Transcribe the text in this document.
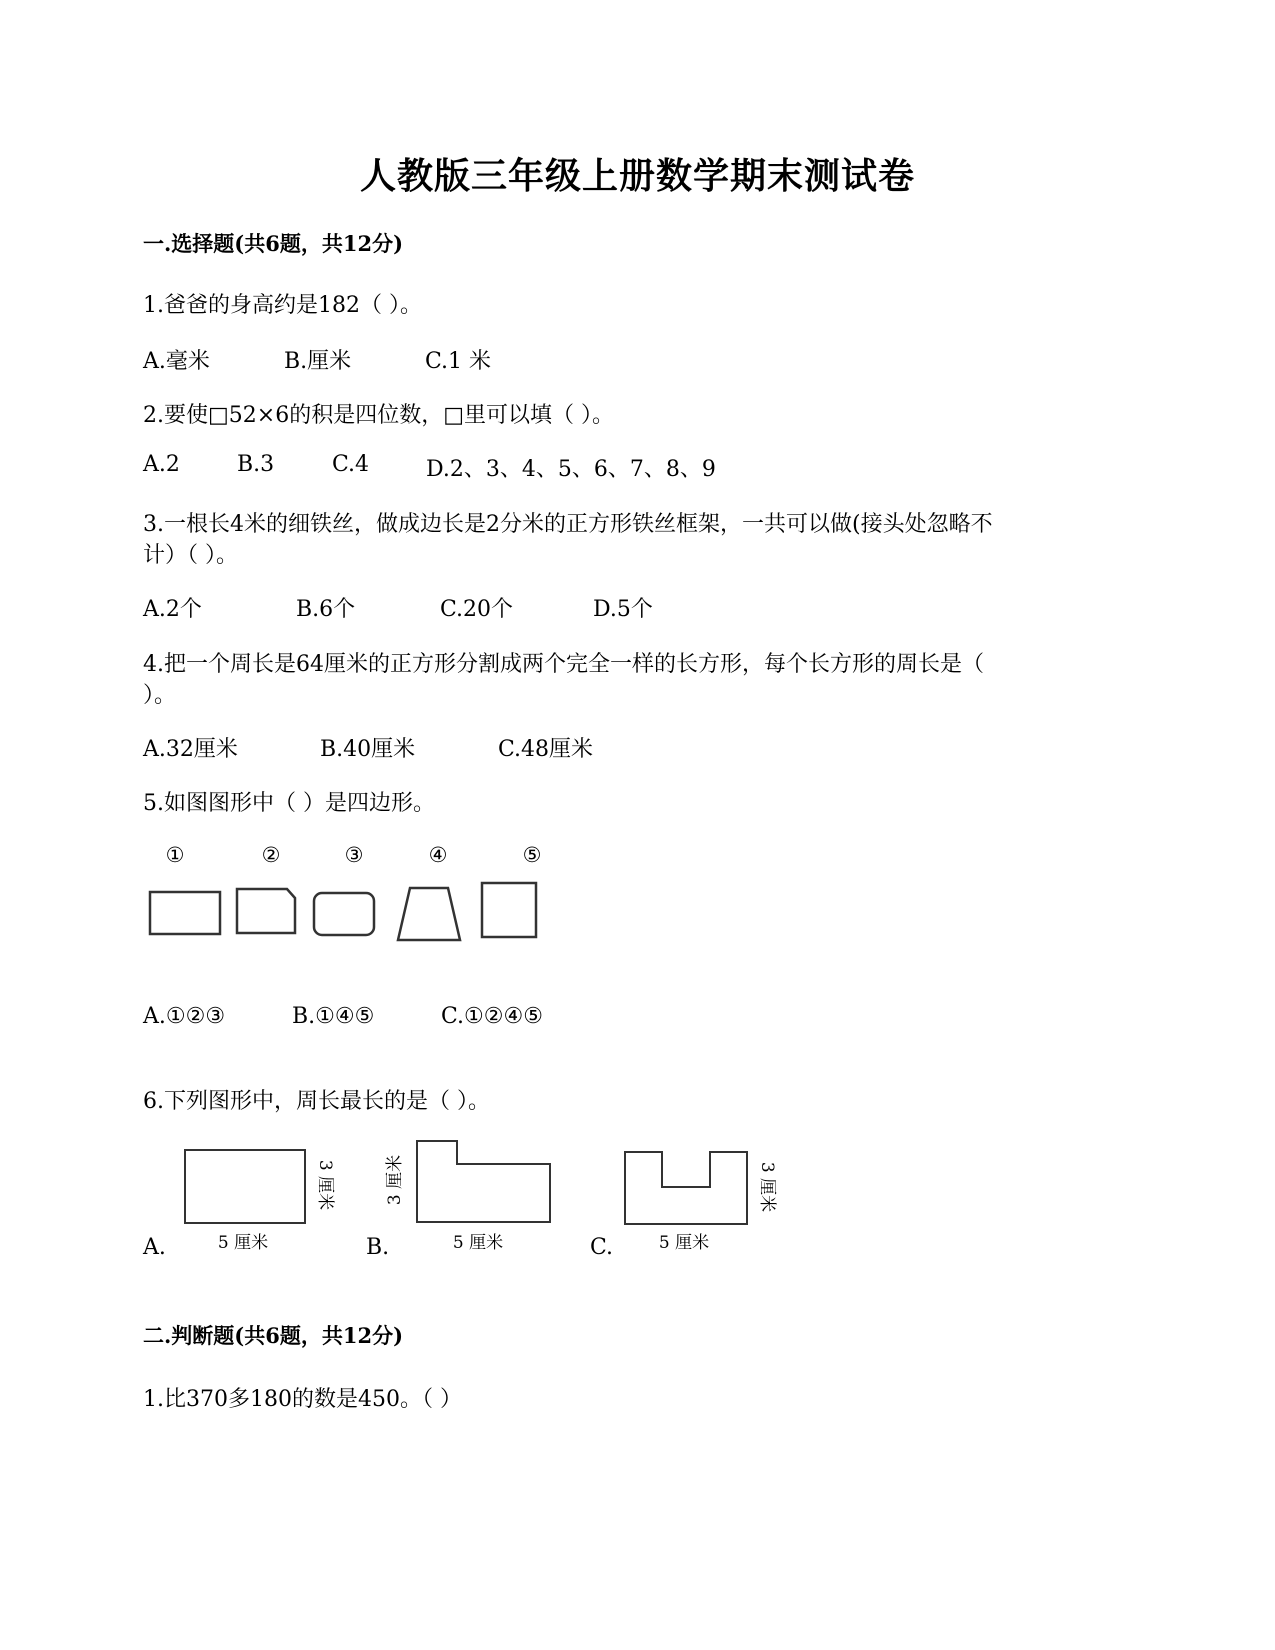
人教版三年级上册数学期末测试卷
一.选择题(共6题，共12分)
1.爸爸的身高约是182（ ）。
A.毫米	B.厘米	C.1 米
2.要使□52×6的积是四位数，□里可以填（ ）。
A.2	B.3	C.4	D.2、3、4、5、6、7、8、9
3.一根长4米的细铁丝，做成边长是2分米的正方形铁丝框架，一共可以做(接头处忽略不
计）（ ）。
A.2个	B.6个	C.20个	D.5个
4.把一个周长是64厘米的正方形分割成两个完全一样的长方形，每个长方形的周长是（
）。
A.32厘米	B.40厘米	C.48厘米
5.如图图形中（ ）是四边形。
①	②	③	④	⑤
A.①②③	B.①④⑤	C.①②④⑤
6.下列图形中，周长最长的是（ ）。
A.	B.	C.
5 厘米	5 厘米	5 厘米
3 厘米	3 厘米	3 厘米
二.判断题(共6题，共12分)
1.比370多180的数是450。（ ）
